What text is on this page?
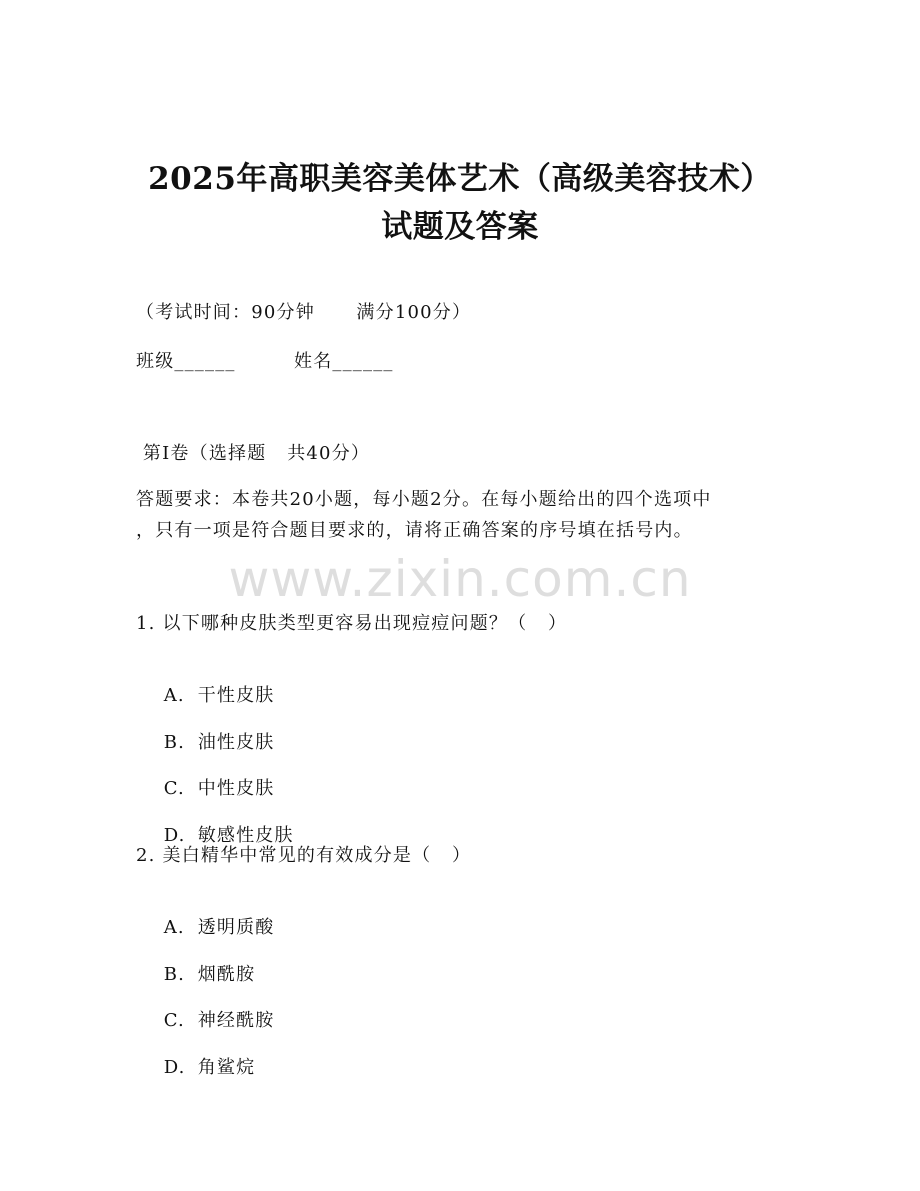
2025年高职美容美体艺术（高级美容技术）
试题及答案
（考试时间：90分钟      满分100分）
班级______	姓名______
第Ⅰ卷（选择题   共40分）
答题要求：本卷共20小题，每小题2分。在每小题给出的四个选项中
，只有一项是符合题目要求的，请将正确答案的序号填在括号内。
www.zixin.com.cn
1. 以下哪种皮肤类型更容易出现痘痘问题？（   ）

A. 干性皮肤

B. 油性皮肤

C. 中性皮肤

D. 敏感性皮肤

2. 美白精华中常见的有效成分是（   ）

A. 透明质酸

B. 烟酰胺

C. 神经酰胺

D. 角鲨烷
